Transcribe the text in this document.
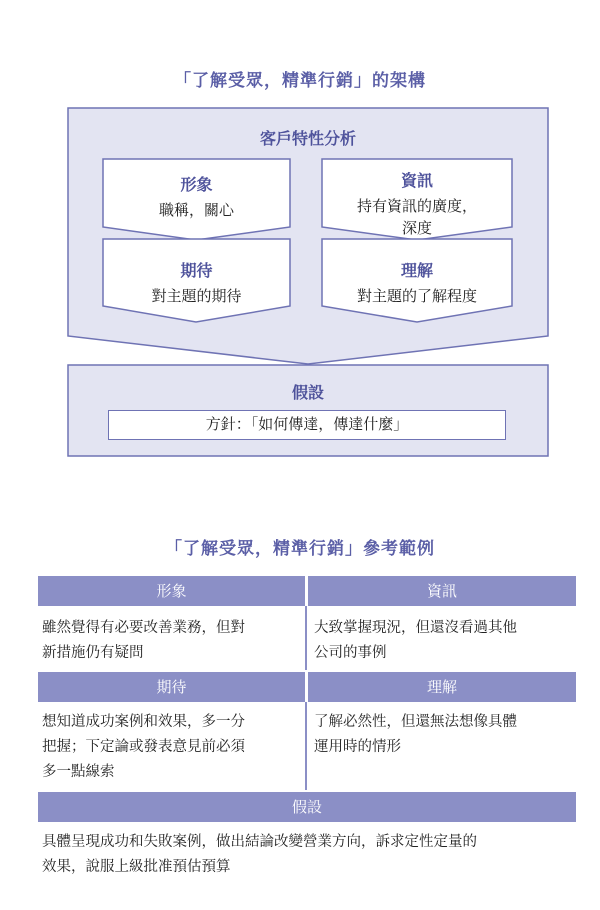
「了解受眾，精準行銷」的架構
客戶特性分析
形象
職稱，關心
資訊
持有資訊的廣度，
深度
期待
對主題的期待
理解
對主題的了解程度
假設
方針：「如何傳達，傳達什麼」
「了解受眾，精準行銷」參考範例
形象	資訊
雖然覺得有必要改善業務，但對
新措施仍有疑問
大致掌握現況，但還沒看過其他
公司的事例
期待	理解
想知道成功案例和效果，多一分
把握；下定論或發表意見前必須
多一點線索
了解必然性，但還無法想像具體
運用時的情形
假設
具體呈現成功和失敗案例，做出結論改變營業方向，訴求定性定量的
效果，說服上級批准預估預算
